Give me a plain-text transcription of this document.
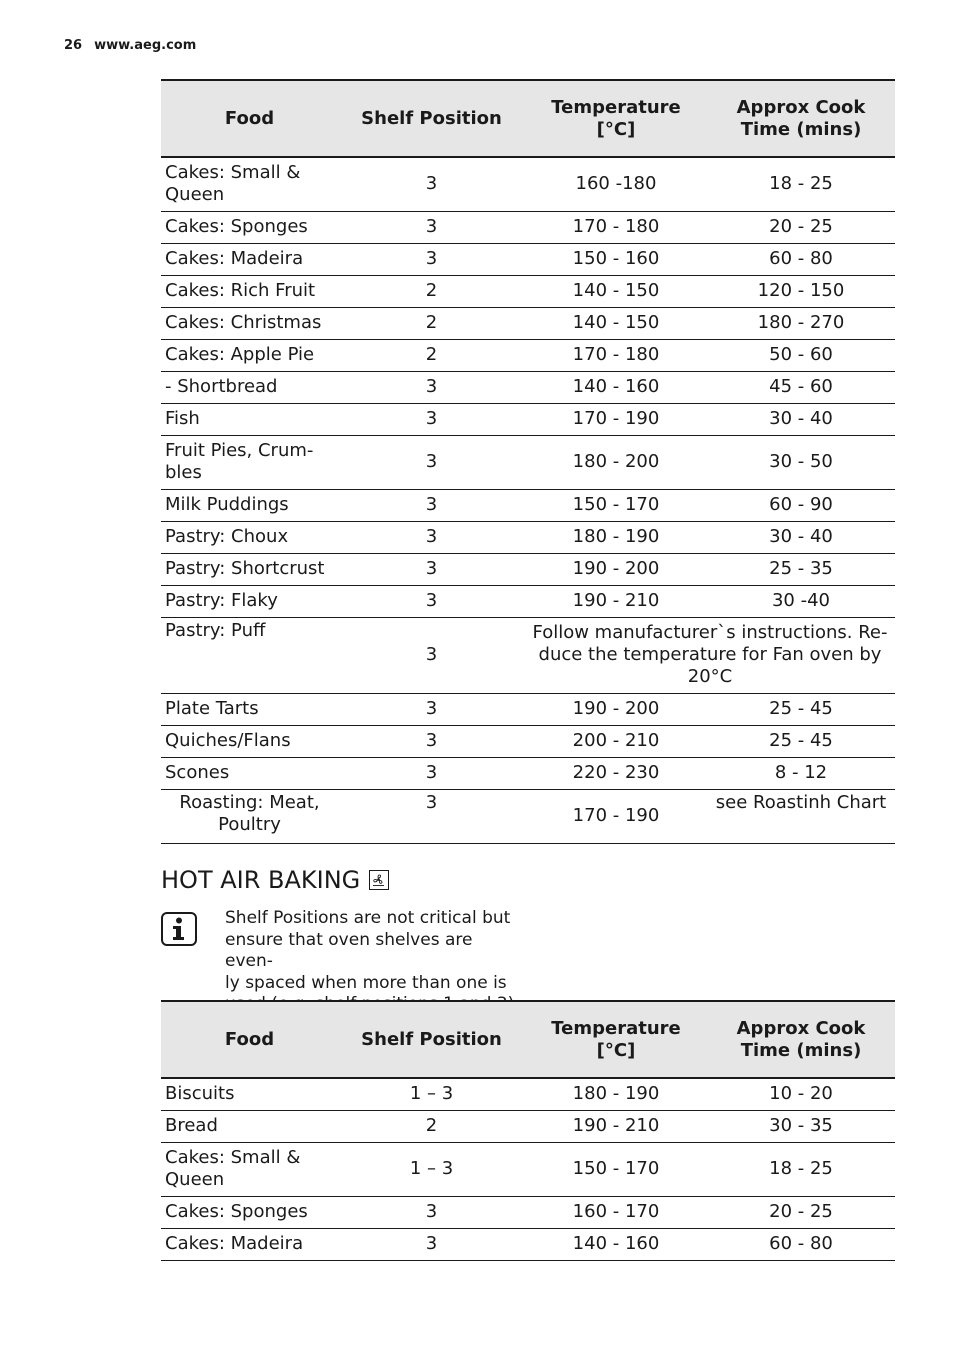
26 www.aeg.com
Food	Shelf Position	Temperature [°C]	Approx Cook Time (mins)
Cakes: Small &
Queen	3	160 -180	18 - 25
Cakes: Sponges	3	170 - 180	20 - 25
Cakes: Madeira	3	150 - 160	60 - 80
Cakes: Rich Fruit	2	140 - 150	120 - 150
Cakes: Christmas	2	140 - 150	180 - 270
Cakes: Apple Pie	2	170 - 180	50 - 60
- Shortbread	3	140 - 160	45 - 60
Fish	3	170 - 190	30 - 40
Fruit Pies, Crum-
bles	3	180 - 200	30 - 50
Milk Puddings	3	150 - 170	60 - 90
Pastry: Choux	3	180 - 190	30 - 40
Pastry: Shortcrust	3	190 - 200	25 - 35
Pastry: Flaky	3	190 - 210	30 -40
Pastry: Puff	3	Follow manufacturer`s instructions. Re-
duce the temperature for Fan oven by
20°C	
Plate Tarts	3	190 - 200	25 - 45
Quiches/Flans	3	200 - 210	25 - 45
Scones	3	220 - 230	8 - 12
Roasting: Meat,
Poultry	3	170 - 190	see Roastinh Chart
HOT AIR BAKING
Shelf Positions are not critical but
ensure that oven shelves are even-
ly spaced when more than one is

Food	Shelf Position	Temperature [°C]	Approx Cook Time (mins)
Biscuits	1 – 3	180 - 190	10 - 20
Bread	2	190 - 210	30 - 35
Cakes: Small &
Queen	1 – 3	150 - 170	18 - 25
Cakes: Sponges	3	160 - 170	20 - 25
Cakes: Madeira	3	140 - 160	60 - 80
